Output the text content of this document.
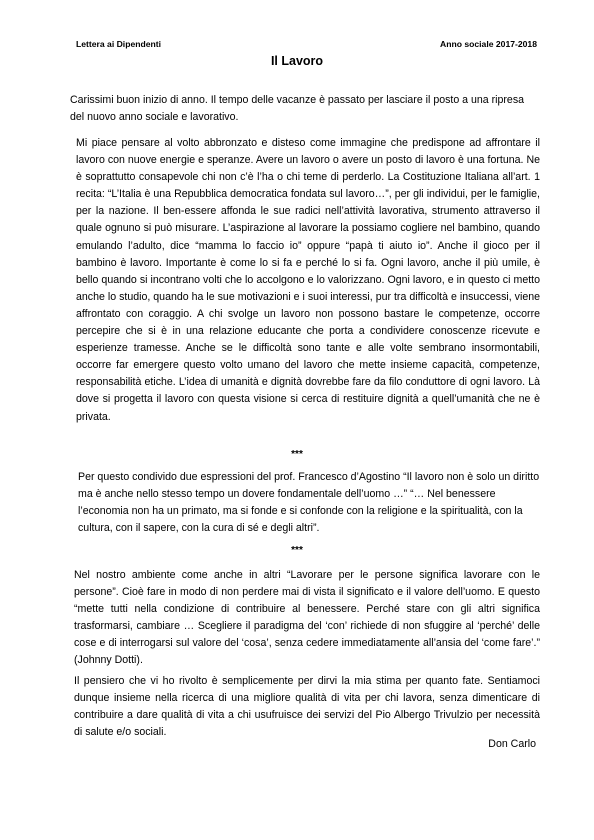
Lettera ai Dipendenti	Anno sociale 2017-2018
Il Lavoro

Carissimi buon inizio di anno. Il tempo delle vacanze è passato per lasciare il posto a una ripresa del nuovo anno sociale e lavorativo.

Mi piace pensare al volto abbronzato e disteso come immagine che predispone ad affrontare il lavoro con nuove energie e speranze. Avere un lavoro o avere un posto di lavoro è una fortuna. Ne è soprattutto consapevole chi non c’è l’ha o chi teme di perderlo. La Costituzione Italiana all’art. 1 recita: “L’Italia è una Repubblica democratica fondata sul lavoro…”, per gli individui, per le famiglie, per la nazione. Il ben-essere affonda le sue radici nell’attività lavorativa, strumento attraverso il quale ognuno si può misurare. L’aspirazione al lavorare la possiamo cogliere nel bambino, quando emulando l’adulto, dice “mamma lo faccio io” oppure “papà ti aiuto io”. Anche il gioco per il bambino è lavoro. Importante è come lo si fa e perché lo si fa. Ogni lavoro, anche il più umile, è bello quando si incontrano volti che lo accolgono e lo valorizzano. Ogni lavoro, e in questo ci metto anche lo studio, quando ha le sue motivazioni e i suoi interessi, pur tra difficoltà e insuccessi, viene affrontato con coraggio. A chi svolge un lavoro non possono bastare le competenze, occorre percepire che si è in una relazione educante che porta a condividere conoscenze ricevute e esperienze tramesse. Anche se le difficoltà sono tante e alle volte sembrano insormontabili, occorre far emergere questo volto umano del lavoro che mette insieme capacità, competenze, responsabilità etiche. L’idea di umanità e dignità dovrebbe fare da filo conduttore di ogni lavoro. Là dove si progetta il lavoro con questa visione si cerca di restituire dignità a quell’umanità che ne è privata.

***

Per questo condivido due espressioni del prof. Francesco d’Agostino “Il lavoro non è solo un diritto ma è anche nello stesso tempo un dovere fondamentale dell’uomo …” “… Nel benessere l’economia non ha un primato, ma si fonde e si confonde con la religione e la spiritualità, con la cultura, con il sapere, con la cura di sé e degli altri”.

***

Nel nostro ambiente come anche in altri “Lavorare per le persone significa lavorare con le persone”. Cioè fare in modo di non perdere mai di vista il significato e il valore dell’uomo. E questo “mette tutti nella condizione di contribuire al benessere. Perché stare con gli altri significa trasformarsi, cambiare … Scegliere il paradigma del ‘con’ richiede di non sfuggire al ‘perché’ delle cose e di interrogarsi sul valore del ‘cosa’, senza cedere immediatamente all’ansia del ‘come fare’.” (Johnny Dotti).

Il pensiero che vi ho rivolto è semplicemente per dirvi la mia stima per quanto fate. Sentiamoci dunque insieme nella ricerca di una migliore qualità di vita per chi lavora, senza dimenticare di contribuire a dare qualità di vita a chi usufruisce dei servizi del Pio Albergo Trivulzio per necessità di salute e/o sociali.

Don Carlo
